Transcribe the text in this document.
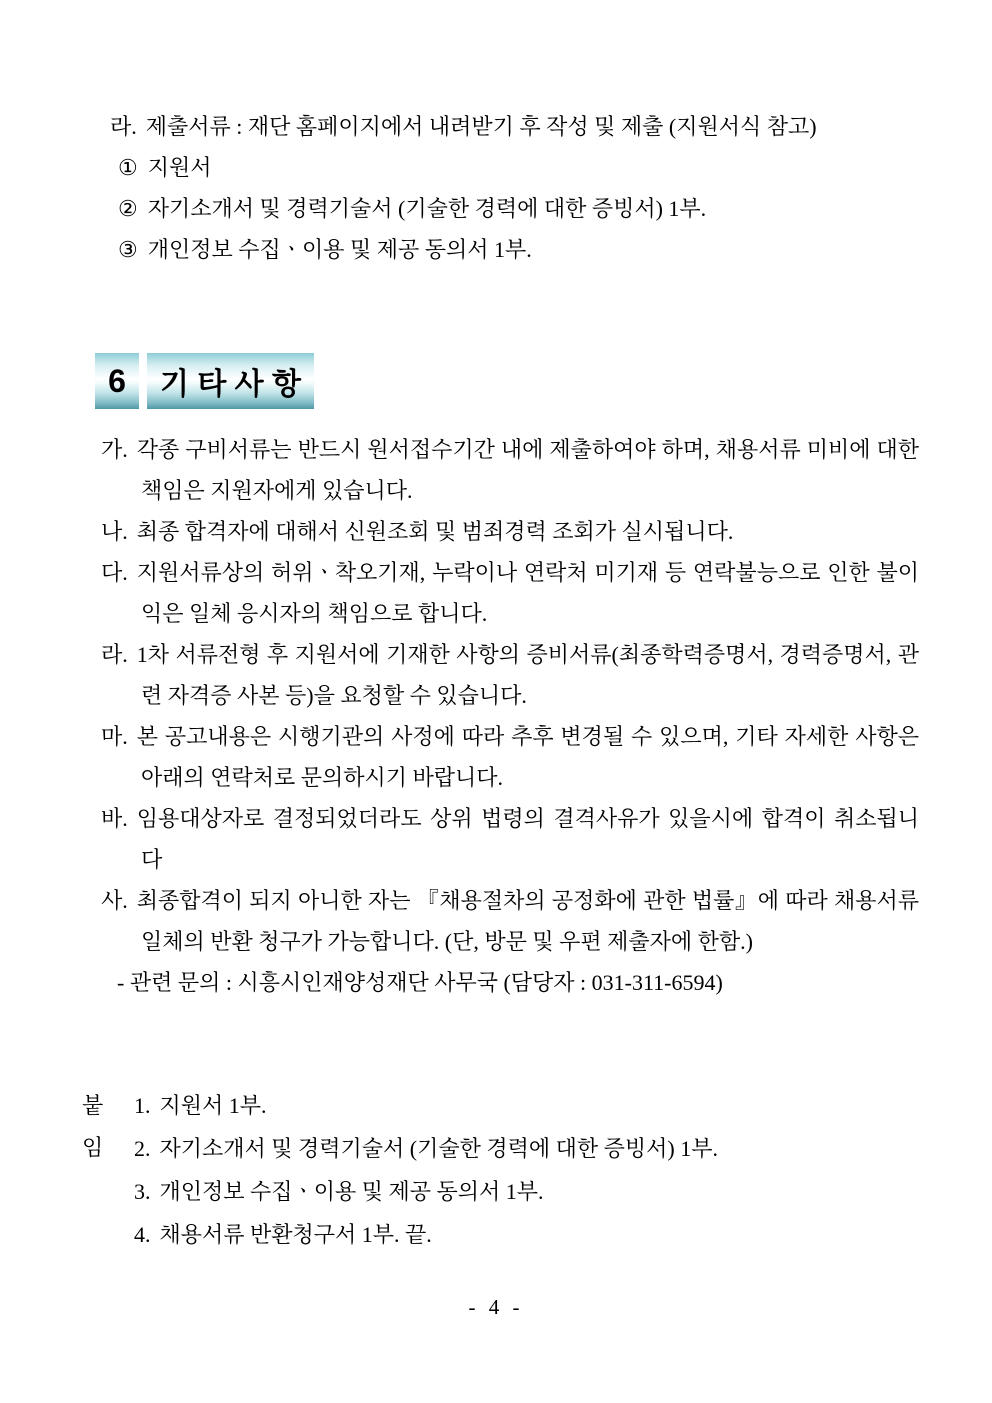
라. 제출서류 : 재단 홈페이지에서 내려받기 후 작성 및 제출 (지원서식 참고)

① 지원서

② 자기소개서 및 경력기술서 (기술한 경력에 대한 증빙서) 1부.

③ 개인정보 수집ㆍ이용 및 제공 동의서 1부.

6 기 타 사 항

가. 각종 구비서류는 반드시 원서접수기간 내에 제출하여야 하며, 채용서류 미비에 대한 책임은 지원자에게 있습니다.

나. 최종 합격자에 대해서 신원조회 및 범죄경력 조회가 실시됩니다.

다. 지원서류상의 허위ㆍ착오기재, 누락이나 연락처 미기재 등 연락불능으로 인한 불이익은 일체 응시자의 책임으로 합니다.

라. 1차 서류전형 후 지원서에 기재한 사항의 증비서류(최종학력증명서, 경력증명서, 관련 자격증 사본 등)을 요청할 수 있습니다.

마. 본 공고내용은 시행기관의 사정에 따라 추후 변경될 수 있으며, 기타 자세한 사항은 아래의 연락처로 문의하시기 바랍니다.

바. 임용대상자로 결정되었더라도 상위 법령의 결격사유가 있을시에 합격이 취소됩니다

사. 최종합격이 되지 아니한 자는 『채용절차의 공정화에 관한 법률』에 따라 채용서류 일체의 반환 청구가 가능합니다. (단, 방문 및 우편 제출자에 한함.)

- 관련 문의 : 시흥시인재양성재단 사무국 (담당자 : 031-311-6594)

붙임

1. 지원서 1부.

2. 자기소개서 및 경력기술서 (기술한 경력에 대한 증빙서) 1부.

3. 개인정보 수집ㆍ이용 및 제공 동의서 1부.

4. 채용서류 반환청구서 1부. 끝.

- 4 -
